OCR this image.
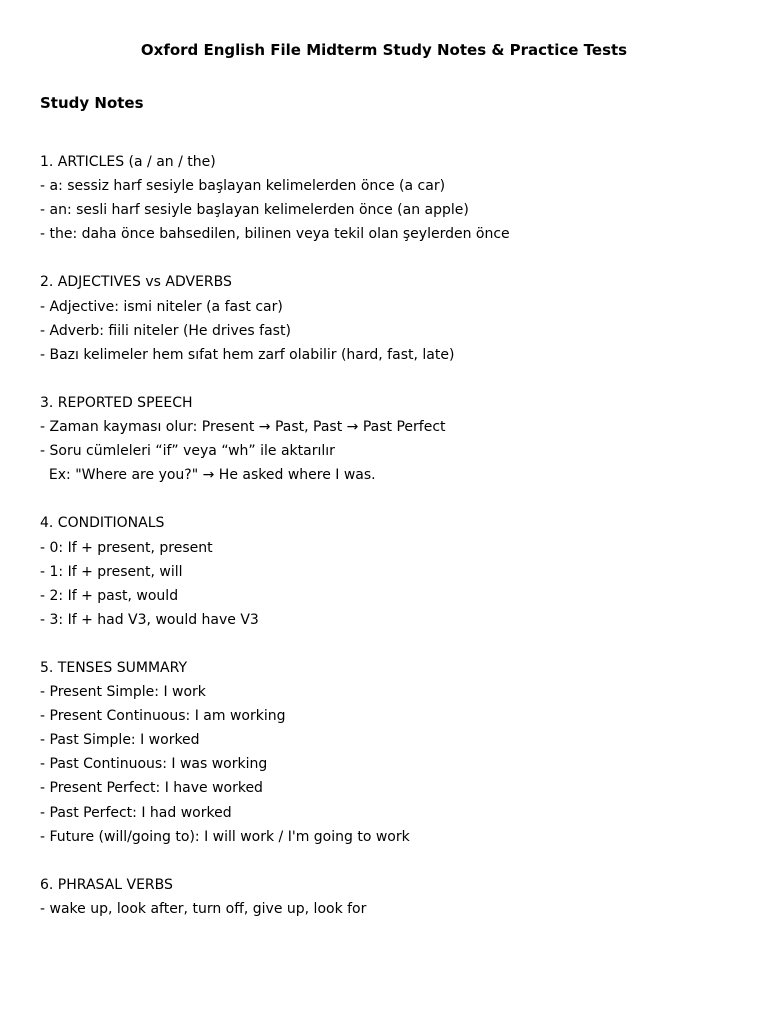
Oxford English File Midterm Study Notes & Practice Tests
Study Notes
1. ARTICLES (a / an / the)
- a: sessiz harf sesiyle başlayan kelimelerden önce (a car)
- an: sesli harf sesiyle başlayan kelimelerden önce (an apple)
- the: daha önce bahsedilen, bilinen veya tekil olan şeylerden önce
2. ADJECTIVES vs ADVERBS
- Adjective: ismi niteler (a fast car)
- Adverb: fiili niteler (He drives fast)
- Bazı kelimeler hem sıfat hem zarf olabilir (hard, fast, late)
3. REPORTED SPEECH
- Zaman kayması olur: Present → Past, Past → Past Perfect
- Soru cümleleri “if” veya “wh” ile aktarılır
Ex: "Where are you?" → He asked where I was.
4. CONDITIONALS
- 0: If + present, present
- 1: If + present, will
- 2: If + past, would
- 3: If + had V3, would have V3
5. TENSES SUMMARY
- Present Simple: I work
- Present Continuous: I am working
- Past Simple: I worked
- Past Continuous: I was working
- Present Perfect: I have worked
- Past Perfect: I had worked
- Future (will/going to): I will work / I'm going to work
6. PHRASAL VERBS
- wake up, look after, turn off, give up, look for
